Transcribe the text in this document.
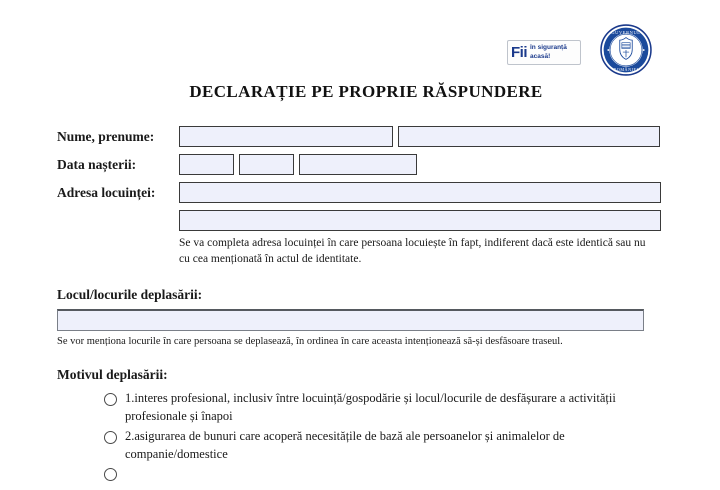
Fii în siguranță
acasă!
GUVERNUL
ROMÂNIEI
DECLARAȚIE PE PROPRIE RĂSPUNDERE
Nume, prenume:
Data nașterii:
Adresa locuinței:
Se va completa adresa locuinței în care persoana locuiește în fapt, indiferent dacă este identică sau nu cu cea menționată în actul de identitate.
Locul/locurile deplasării:
Se vor menționa locurile în care persoana se deplasează, în ordinea în care aceasta intenționează să-și desfăsoare traseul.
Motivul deplasării:
1.interes profesional, inclusiv între locuință/gospodărie și locul/locurile de desfășurare a activității profesionale și înapoi
2.asigurarea de bunuri care acoperă necesitățile de bază ale persoanelor și animalelor de companie/domestice
